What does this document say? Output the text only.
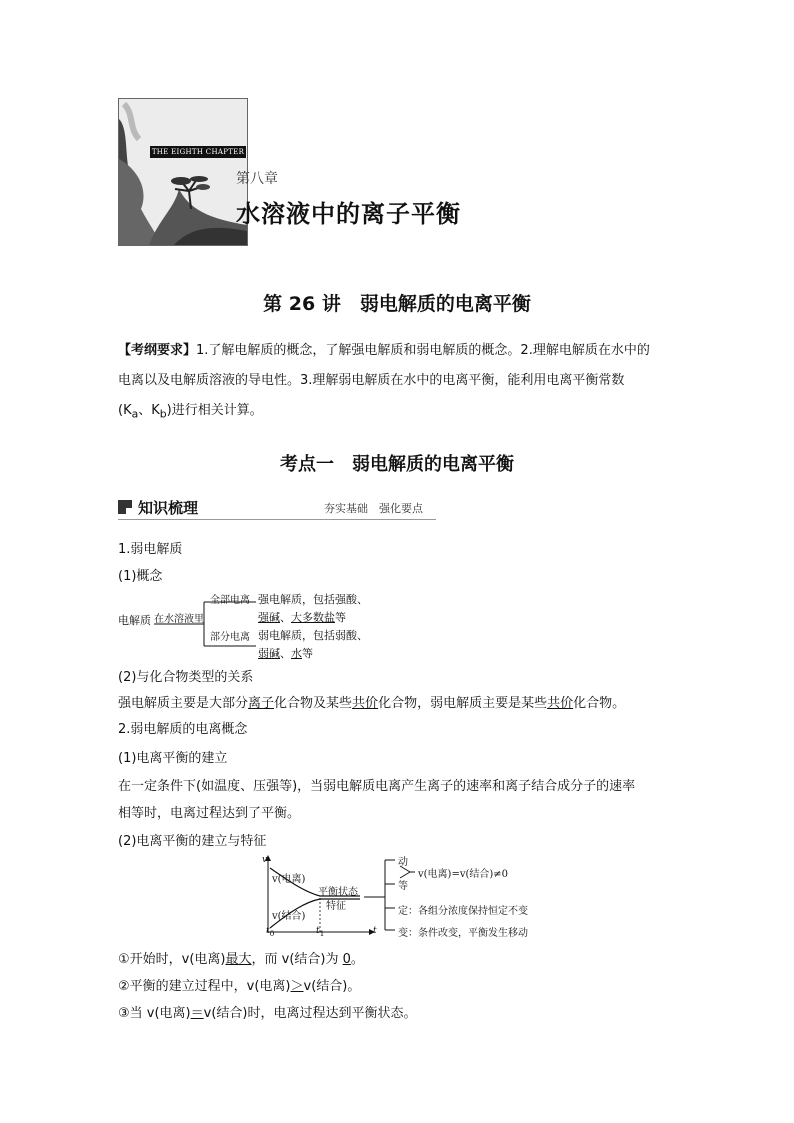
THE EIGHTH CHAPTER
第八章
水溶液中的离子平衡
第 26 讲　弱电解质的电离平衡
【考纲要求】1.了解电解质的概念，了解强电解质和弱电解质的概念。2.理解电解质在水中的
电离以及电解质溶液的导电性。3.理解弱电解质在水中的电离平衡，能利用电离平衡常数
($K_a$、$K_b$)进行相关计算。
考点一　弱电解质的电离平衡
知识梳理	夯实基础　强化要点
1.弱电解质
(1)概念
电解质 在水溶液里
全部电离
部分电离
强电解质，包括强酸、
强碱、大多数盐等
弱电解质，包括弱酸、
弱碱、水等
(2)与化合物类型的关系
强电解质主要是大部分离子化合物及某些共价化合物，弱电解质主要是某些共价化合物。
2.弱电解质的电离概念
(1)电离平衡的建立
在一定条件下(如温度、压强等)，当弱电解质电离产生离子的速率和离子结合成分子的速率
相等时，电离过程达到了平衡。
(2)电离平衡的建立与特征
v
t
$t_0$	$t_1$
v(电离)
v(结合)
平衡状态
特征
动
等
v(电离)=v(结合)≠0
定：各组分浓度保持恒定不变
变：条件改变，平衡发生移动
①开始时，v(电离)最大，而 v(结合)为 0。
②平衡的建立过程中，v(电离)＞v(结合)。
③当 v(电离)＝v(结合)时，电离过程达到平衡状态。
